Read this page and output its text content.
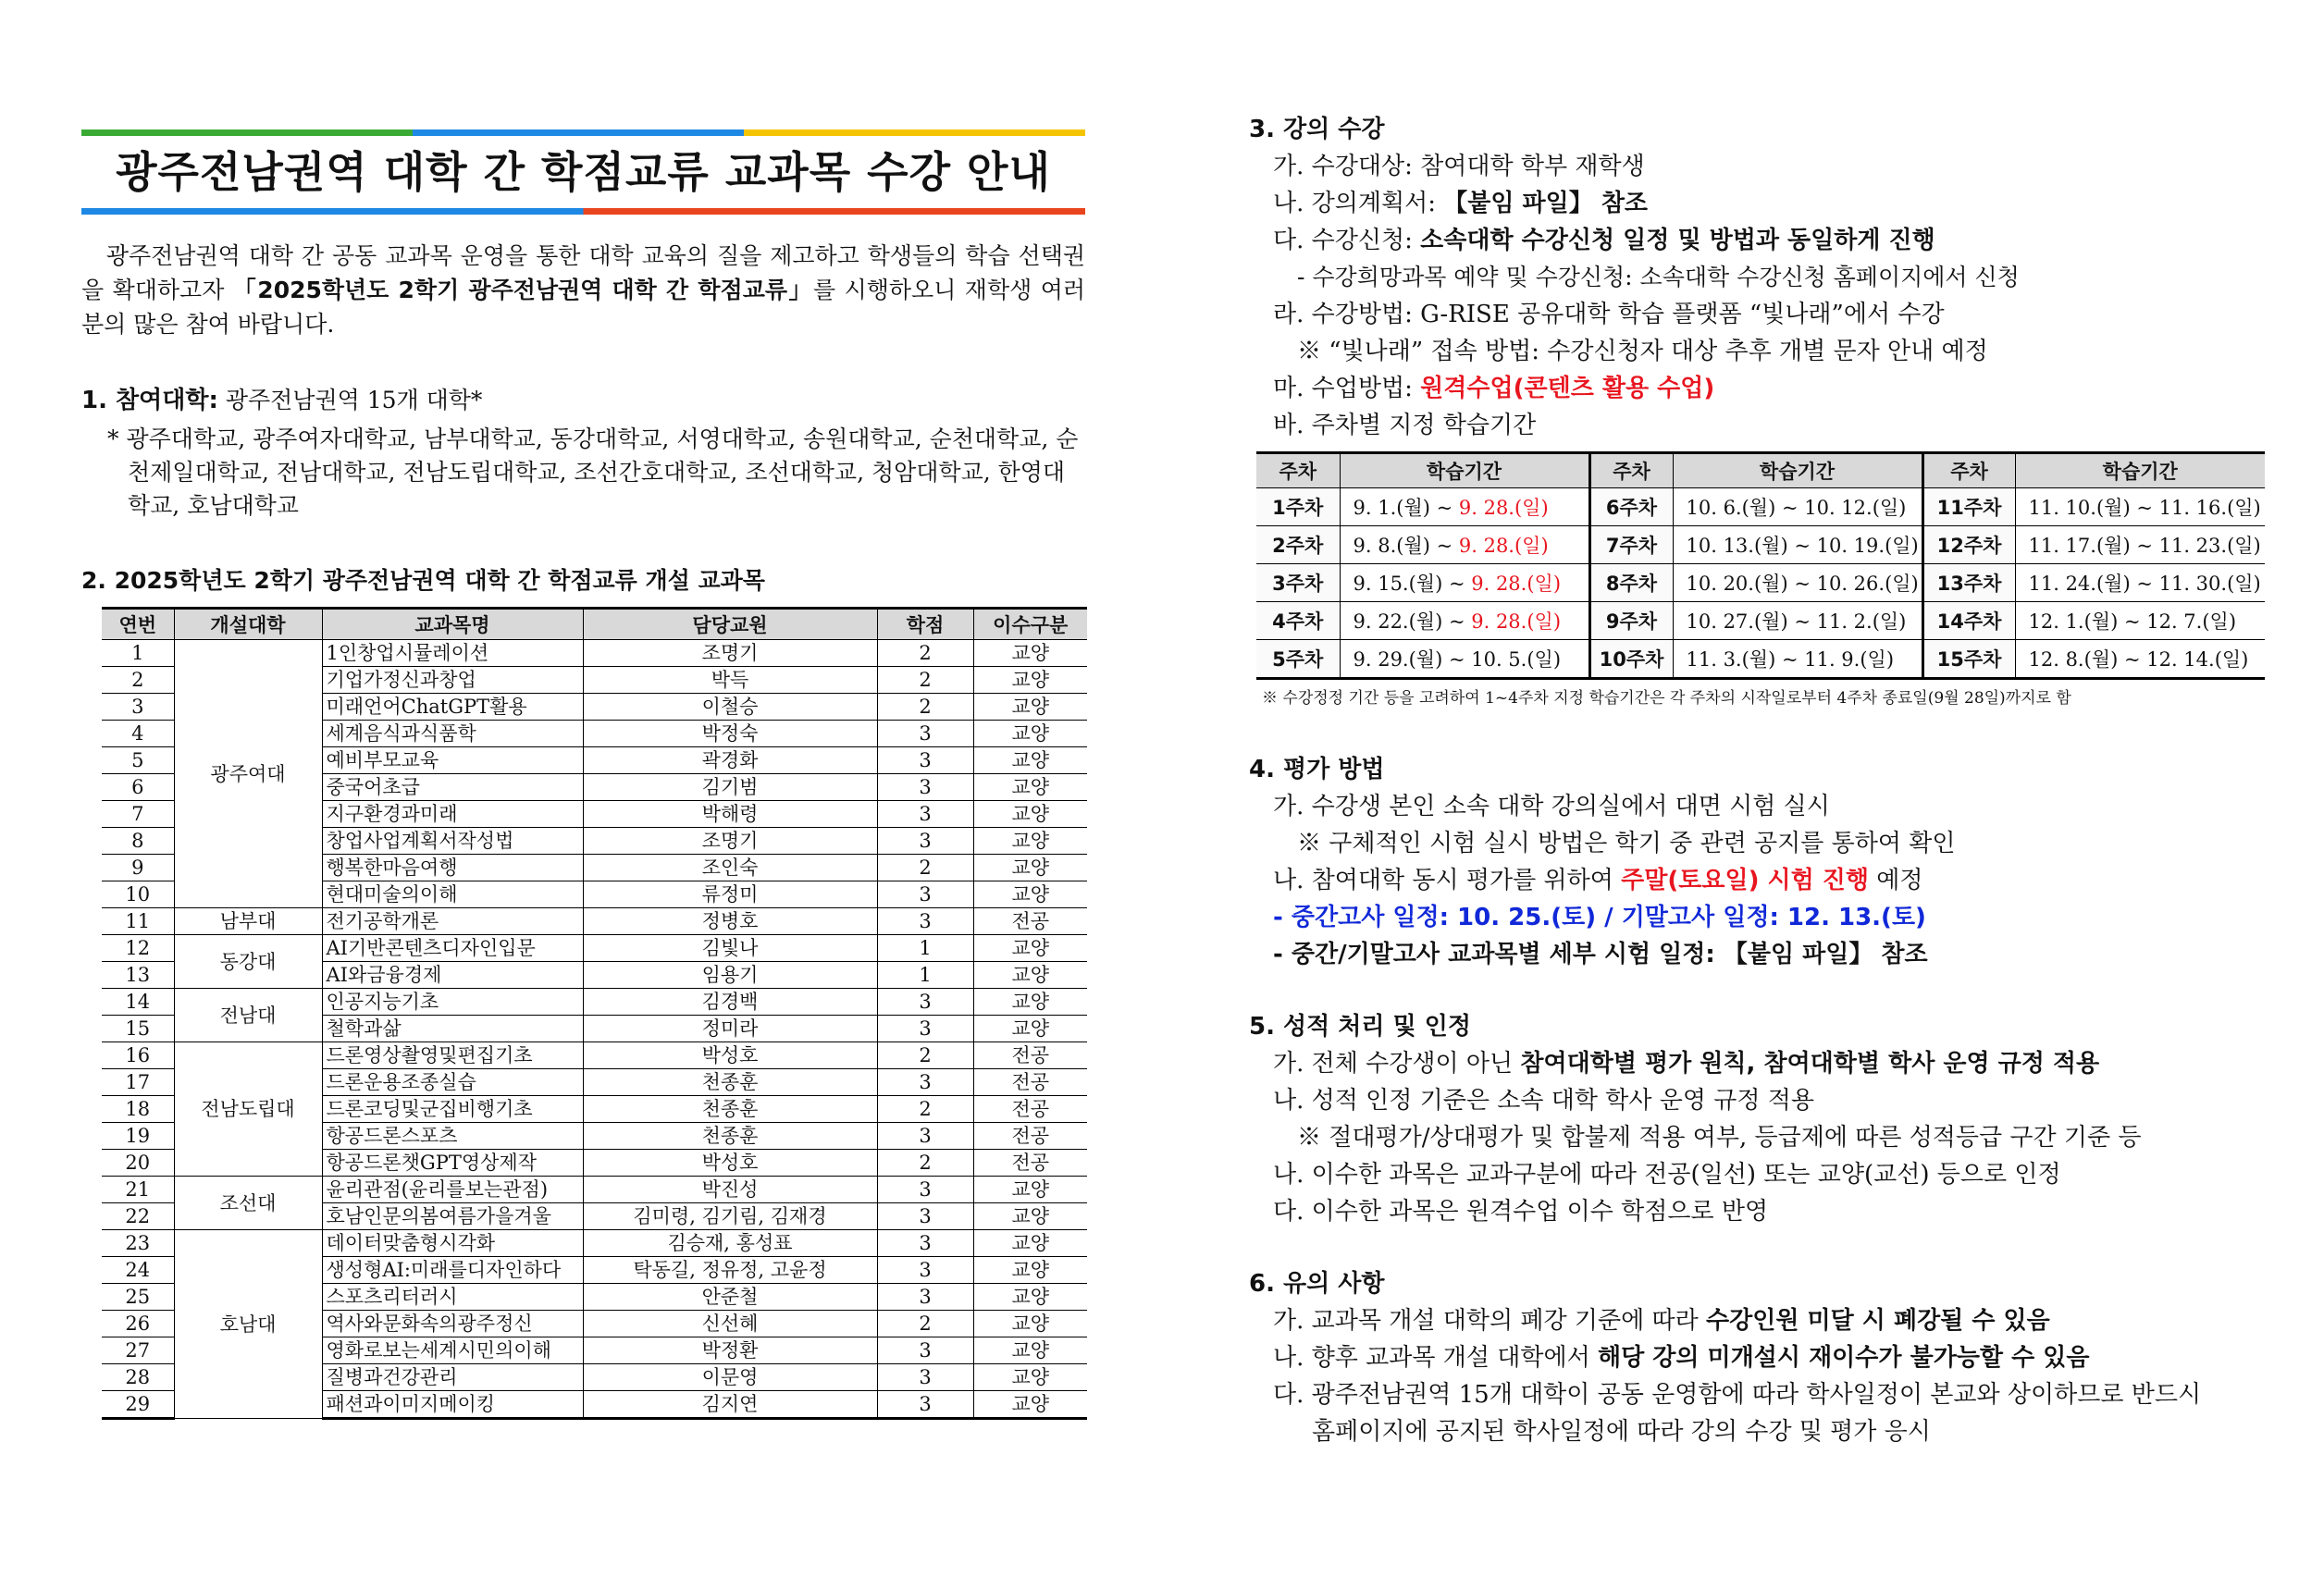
광주전남권역 대학 간 학점교류 교과목 수강 안내
광주전남권역 대학 간 공동 교과목 운영을 통한 대학 교육의 질을 제고하고 학생들의 학습 선택권을 확대하고자 「2025학년도 2학기 광주전남권역 대학 간 학점교류」를 시행하오니 재학생 여러분의 많은 참여 바랍니다.
1. 참여대학: 광주전남권역 15개 대학*
* 광주대학교, 광주여자대학교, 남부대학교, 동강대학교, 서영대학교, 송원대학교, 순천대학교, 순천제일대학교, 전남대학교, 전남도립대학교, 조선간호대학교, 조선대학교, 청암대학교, 한영대학교, 호남대학교
2. 2025학년도 2학기 광주전남권역 대학 간 학점교류 개설 교과목
연번	개설대학	교과목명	담당교원	학점	이수구분
1	광주여대	1인창업시뮬레이션	조명기	2	교양
2		기업가정신과창업	박득	2	교양
3		미래언어ChatGPT활용	이철승	2	교양
4		세계음식과식품학	박정숙	3	교양
5		예비부모교육	곽경화	3	교양
6		중국어초급	김기범	3	교양
7		지구환경과미래	박해령	3	교양
8		창업사업계획서작성법	조명기	3	교양
9		행복한마음여행	조인숙	2	교양
10		현대미술의이해	류정미	3	교양
11	남부대	전기공학개론	정병호	3	전공
12	동강대	AI기반콘텐츠디자인입문	김빛나	1	교양
13		AI와금융경제	임용기	1	교양
14	전남대	인공지능기초	김경백	3	교양
15		철학과삶	정미라	3	교양
16	전남도립대	드론영상촬영및편집기초	박성호	2	전공
17		드론운용조종실습	천종훈	3	전공
18		드론코딩및군집비행기초	천종훈	2	전공
19		항공드론스포츠	천종훈	3	전공
20		항공드론챗GPT영상제작	박성호	2	전공
21	조선대	윤리관점(윤리를보는관점)	박진성	3	교양
22		호남인문의봄여름가을겨울	김미령, 김기림, 김재경	3	교양
23	호남대	데이터맞춤형시각화	김승재, 홍성표	3	교양
24		생성형AI:미래를디자인하다	탁동길, 정유정, 고윤정	3	교양
25		스포츠리터러시	안준철	3	교양
26		역사와문화속의광주정신	신선혜	2	교양
27		영화로보는세계시민의이해	박정환	3	교양
28		질병과건강관리	이문영	3	교양
29		패션과이미지메이킹	김지연	3	교양

3. 강의 수강

가. 수강대상: 참여대학 학부 재학생

나. 강의계획서: 【붙임 파일】 참조

다. 수강신청: 소속대학 수강신청 일정 및 방법과 동일하게 진행

- 수강희망과목 예약 및 수강신청: 소속대학 수강신청 홈페이지에서 신청

라. 수강방법: G-RISE 공유대학 학습 플랫폼 “빛나래”에서 수강

※ “빛나래” 접속 방법: 수강신청자 대상 추후 개별 문자 안내 예정

마. 수업방법: 원격수업(콘텐츠 활용 수업)

바. 주차별 지정 학습기간

주차	학습기간	주차	학습기간	주차	학습기간
1주차	9. 1.(월) ~ 9. 28.(일)	6주차	10. 6.(월) ~ 10. 12.(일)	11주차	11. 10.(월) ~ 11. 16.(일)
2주차	9. 8.(월) ~ 9. 28.(일)	7주차	10. 13.(월) ~ 10. 19.(일)	12주차	11. 17.(월) ~ 11. 23.(일)
3주차	9. 15.(월) ~ 9. 28.(일)	8주차	10. 20.(월) ~ 10. 26.(일)	13주차	11. 24.(월) ~ 11. 30.(일)
4주차	9. 22.(월) ~ 9. 28.(일)	9주차	10. 27.(월) ~ 11. 2.(일)	14주차	12. 1.(월) ~ 12. 7.(일)
5주차	9. 29.(월) ~ 10. 5.(일)	10주차	11. 3.(월) ~ 11. 9.(일)	15주차	12. 8.(월) ~ 12. 14.(일)
※ 수강정정 기간 등을 고려하여 1~4주차 지정 학습기간은 각 주차의 시작일로부터 4주차 종료일(9월 28일)까지로 함

4. 평가 방법

가. 수강생 본인 소속 대학 강의실에서 대면 시험 실시

※ 구체적인 시험 실시 방법은 학기 중 관련 공지를 통하여 확인

나. 참여대학 동시 평가를 위하여 주말(토요일) 시험 진행 예정

- 중간고사 일정: 10. 25.(토) / 기말고사 일정: 12. 13.(토)

- 중간/기말고사 교과목별 세부 시험 일정: 【붙임 파일】 참조

5. 성적 처리 및 인정

가. 전체 수강생이 아닌 참여대학별 평가 원칙, 참여대학별 학사 운영 규정 적용

나. 성적 인정 기준은 소속 대학 학사 운영 규정 적용

※ 절대평가/상대평가 및 합불제 적용 여부, 등급제에 따른 성적등급 구간 기준 등

나. 이수한 과목은 교과구분에 따라 전공(일선) 또는 교양(교선) 등으로 인정

다. 이수한 과목은 원격수업 이수 학점으로 반영

6. 유의 사항

가. 교과목 개설 대학의 폐강 기준에 따라 수강인원 미달 시 폐강될 수 있음

나. 향후 교과목 개설 대학에서 해당 강의 미개설시 재이수가 불가능할 수 있음

다. 광주전남권역 15개 대학이 공동 운영함에 따라 학사일정이 본교와 상이하므로 반드시

홈페이지에 공지된 학사일정에 따라 강의 수강 및 평가 응시
